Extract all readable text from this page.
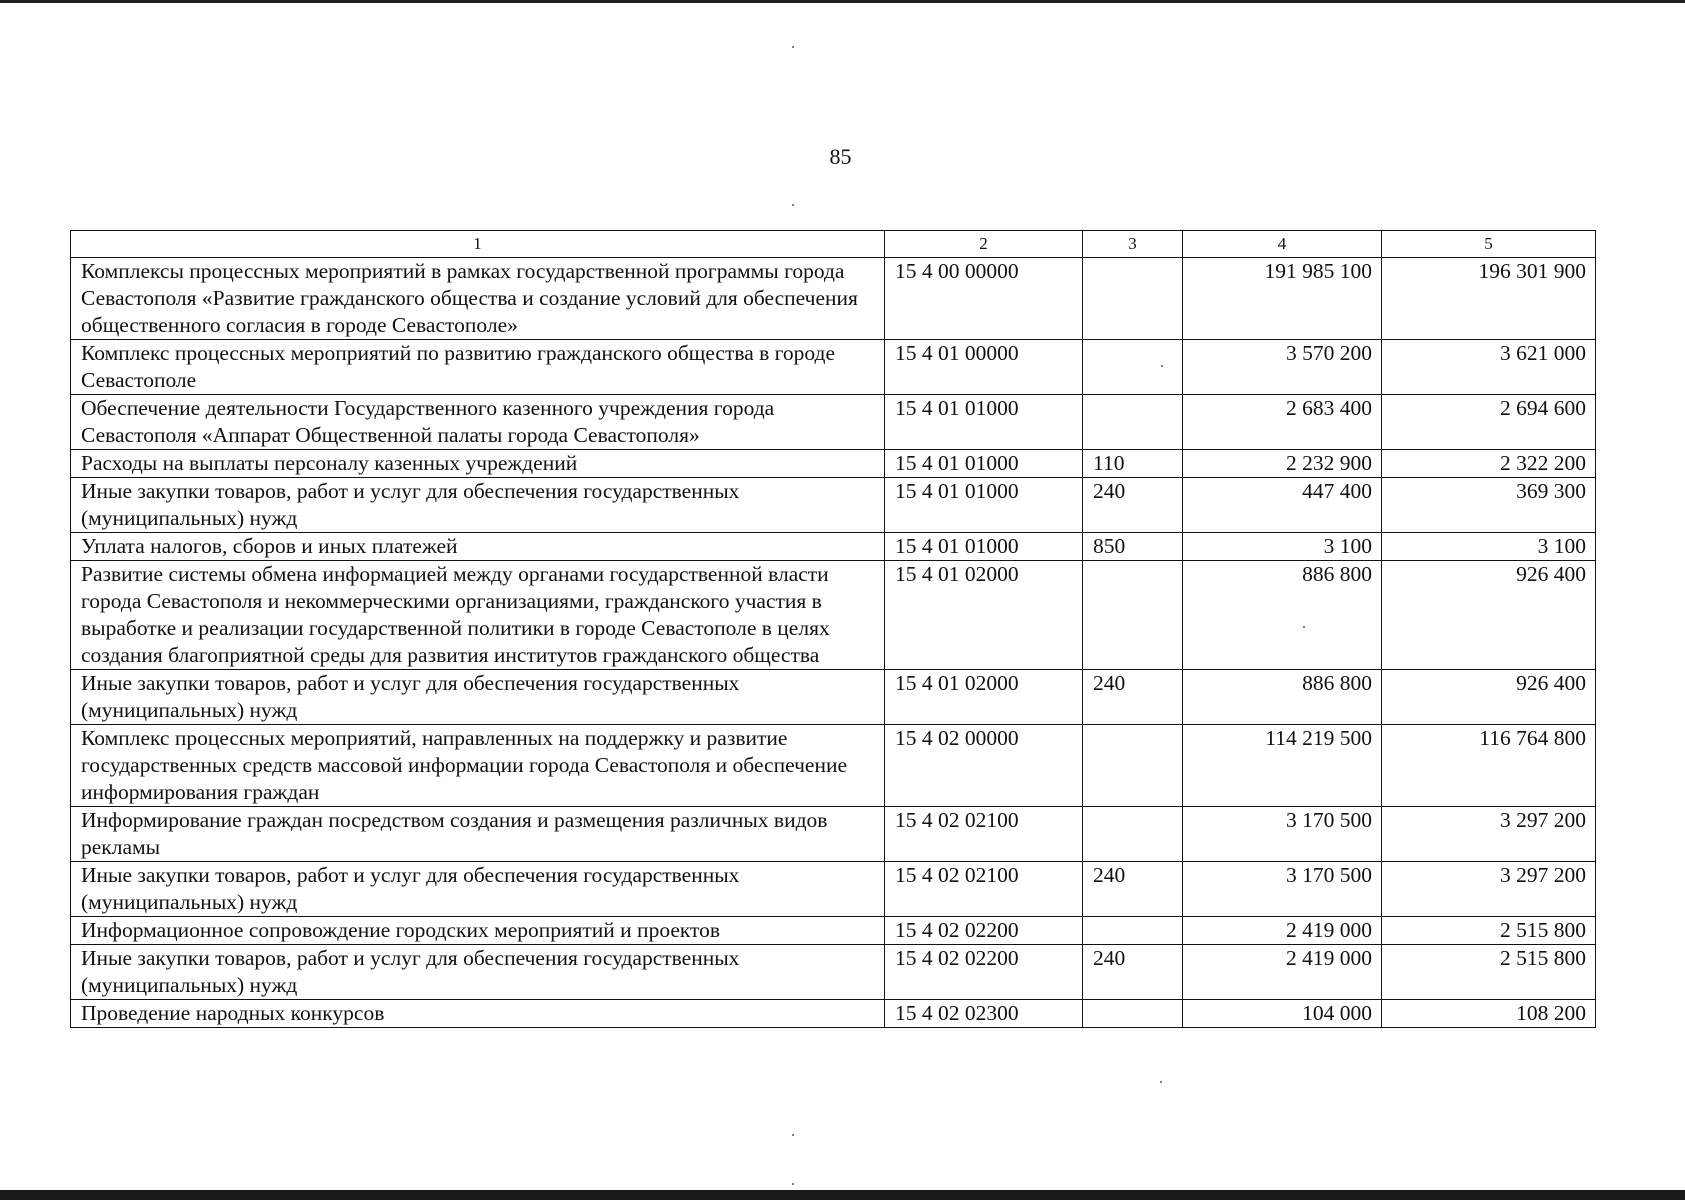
85
1	2	3	4	5
Комплексы процессных мероприятий в рамках государственной программы города Севастополя «Развитие гражданского общества и создание условий для обеспечения общественного согласия в городе Севастополе»	15 4 00 00000		191 985 100	196 301 900
Комплекс процессных мероприятий по развитию гражданского общества в городе Севастополе	15 4 01 00000		3 570 200	3 621 000
Обеспечение деятельности Государственного казенного учреждения города Севастополя «Аппарат Общественной палаты города Севастополя»	15 4 01 01000		2 683 400	2 694 600
Расходы на выплаты персоналу казенных учреждений	15 4 01 01000	110	2 232 900	2 322 200
Иные закупки товаров, работ и услуг для обеспечения государственных (муниципальных) нужд	15 4 01 01000	240	447 400	369 300
Уплата налогов, сборов и иных платежей	15 4 01 01000	850	3 100	3 100
Развитие системы обмена информацией между органами государственной власти города Севастополя и некоммерческими организациями, гражданского участия в выработке и реализации государственной политики в городе Севастополе в целях создания благоприятной среды для развития институтов гражданского общества	15 4 01 02000		886 800	926 400
Иные закупки товаров, работ и услуг для обеспечения государственных (муниципальных) нужд	15 4 01 02000	240	886 800	926 400
Комплекс процессных мероприятий, направленных на поддержку и развитие государственных средств массовой информации города Севастополя и обеспечение информирования граждан	15 4 02 00000		114 219 500	116 764 800
Информирование граждан посредством создания и размещения различных видов рекламы	15 4 02 02100		3 170 500	3 297 200
Иные закупки товаров, работ и услуг для обеспечения государственных (муниципальных) нужд	15 4 02 02100	240	3 170 500	3 297 200
Информационное сопровождение городских мероприятий и проектов	15 4 02 02200		2 419 000	2 515 800
Иные закупки товаров, работ и услуг для обеспечения государственных (муниципальных) нужд	15 4 02 02200	240	2 419 000	2 515 800
Проведение народных конкурсов	15 4 02 02300		104 000	108 200
